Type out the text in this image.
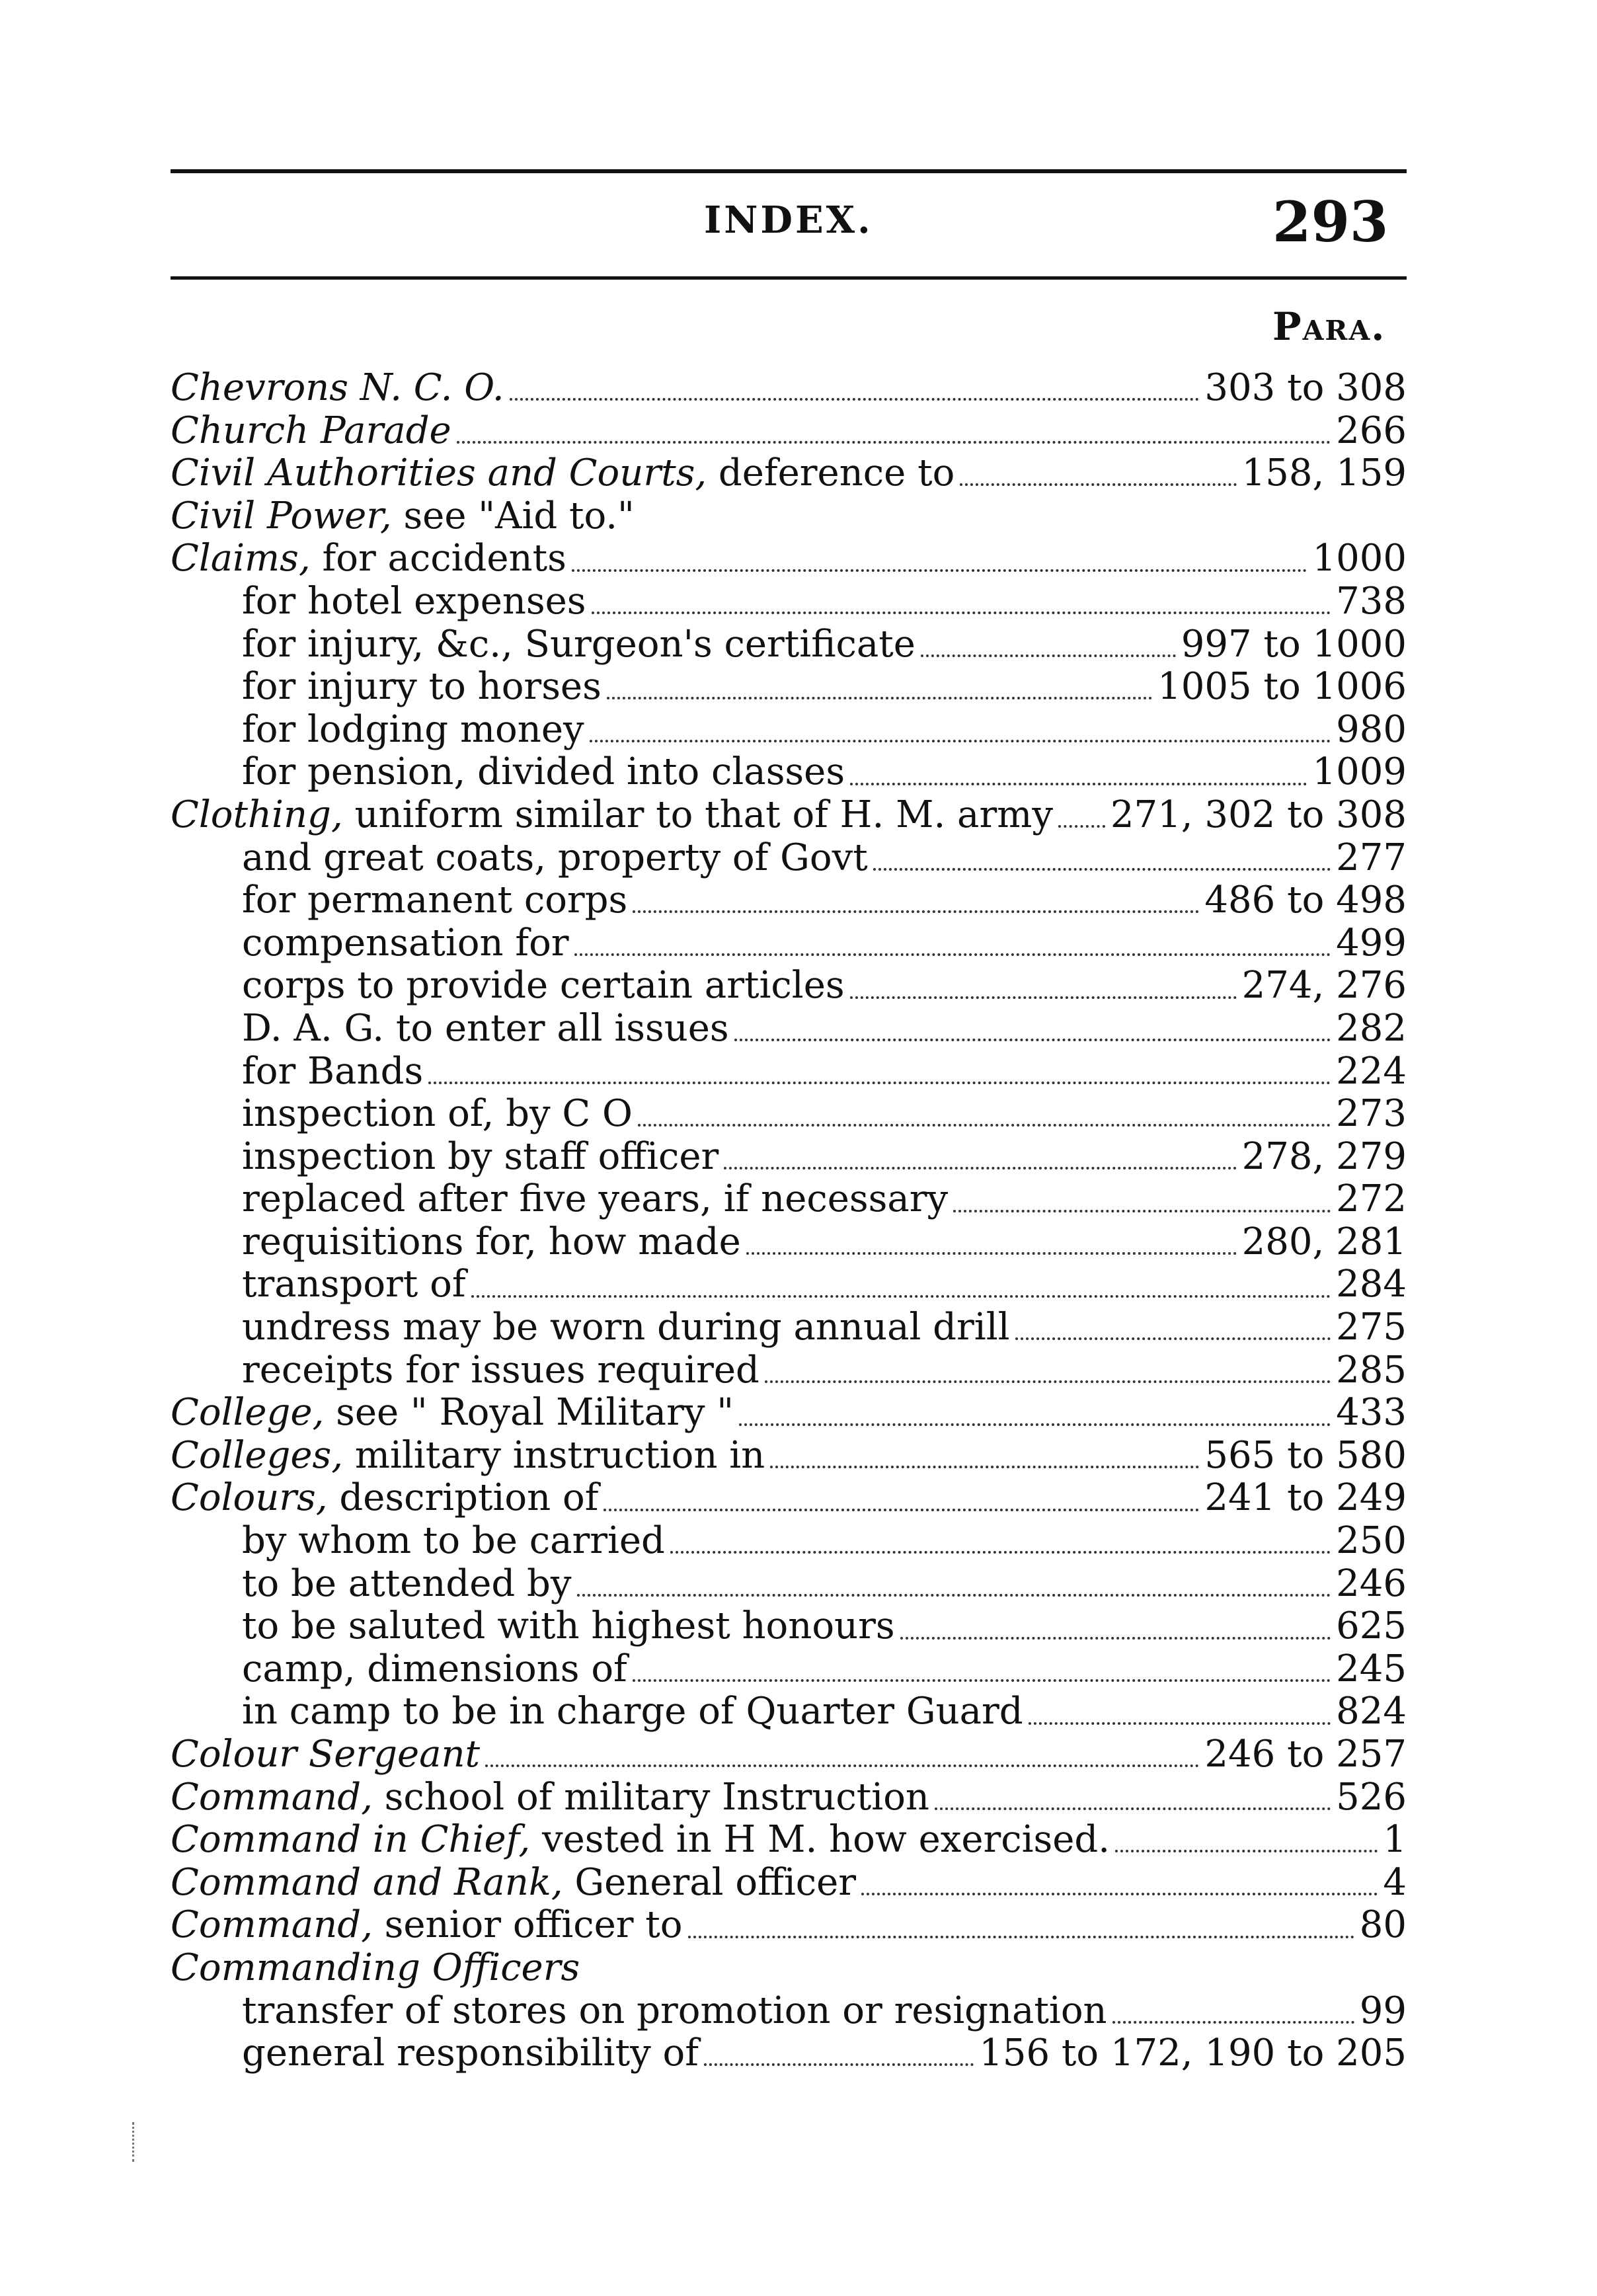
INDEX.	293
Para.
Chevrons N. C. O.	303 to 308
Church Parade	266
Civil Authorities and Courts, deference to	158, 159
Civil Power, see "Aid to."
Claims, for accidents	1000
for hotel expenses	738
for injury, &c., Surgeon's certificate	997 to 1000
for injury to horses	1005 to 1006
for lodging money	980
for pension, divided into classes	1009
Clothing, uniform similar to that of H. M. army 271, 302 to 308
and great coats, property of Govt	277
for permanent corps	486 to 498
compensation for	499
corps to provide certain articles	274, 276
D. A. G. to enter all issues	282
for Bands	224
inspection of, by C O	273
inspection by staff officer	278, 279
replaced after five years, if necessary	272
requisitions for, how made	280, 281
transport of	284
undress may be worn during annual drill	275
receipts for issues required	285
College, see " Royal Military "	433
Colleges, military instruction in	565 to 580
Colours, description of	241 to 249
by whom to be carried	250
to be attended by	246
to be saluted with highest honours	625
camp, dimensions of	245
in camp to be in charge of Quarter Guard	824
Colour Sergeant	246 to 257
Command, school of military Instruction	526
Command in Chief, vested in H M. how exercised.	1
Command and Rank, General officer	4
Command, senior officer to	80
Commanding Officers
transfer of stores on promotion or resignation	99
general responsibility of	156 to 172, 190 to 205
